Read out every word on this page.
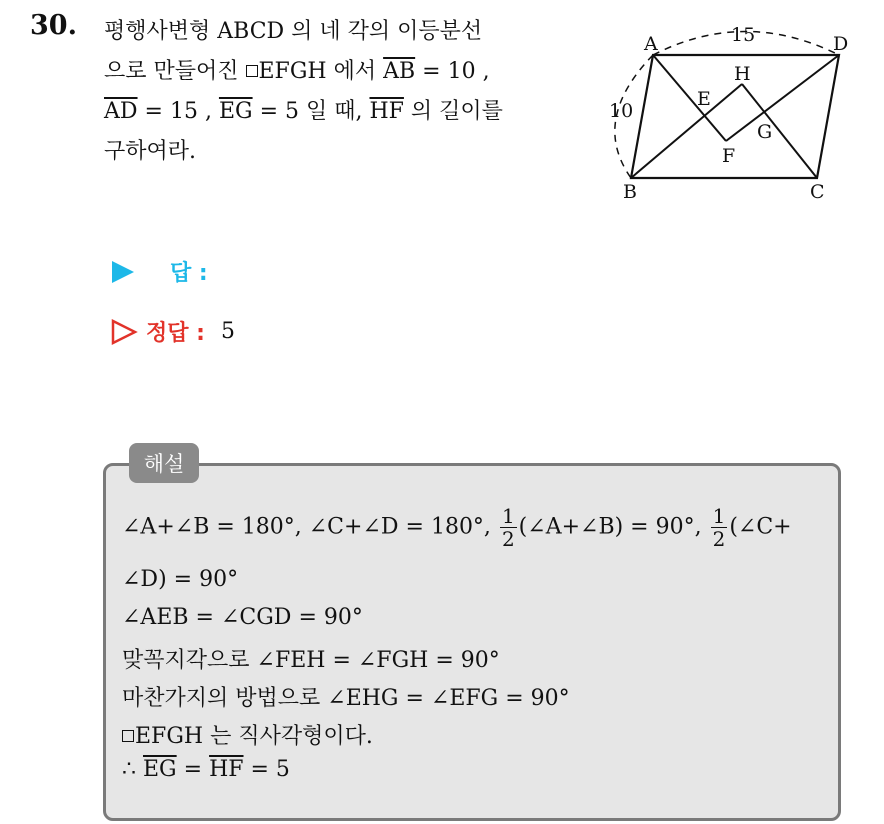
30. 평행사변형 ABCD 의 네 각의 이등분선
으로 만들어진 EFGH 에서 $\overline{AB} = 10$ ,
$\overline{AD} = 15$ , $\overline{EG} = 5$ 일 때, $\overline{HF}$ 의 길이를
구하여라.
A	D
B	C
E
F
G
H
15
10
답 :
정답 : 5
해설
∠A+∠B = 180°, ∠C+∠D = 180°, $\frac{1}{2}$ (∠A+∠B) = 90°, $\frac{1}{2}$ (∠C+
∠D) = 90°
∠AEB = ∠CGD = 90°
맞꼭지각으로 ∠FEH = ∠FGH = 90°
마찬가지의 방법으로 ∠EHG = ∠EFG = 90°
EFGH 는 직사각형이다.
∴ $\overline{EG} = \overline{HF} = 5$
